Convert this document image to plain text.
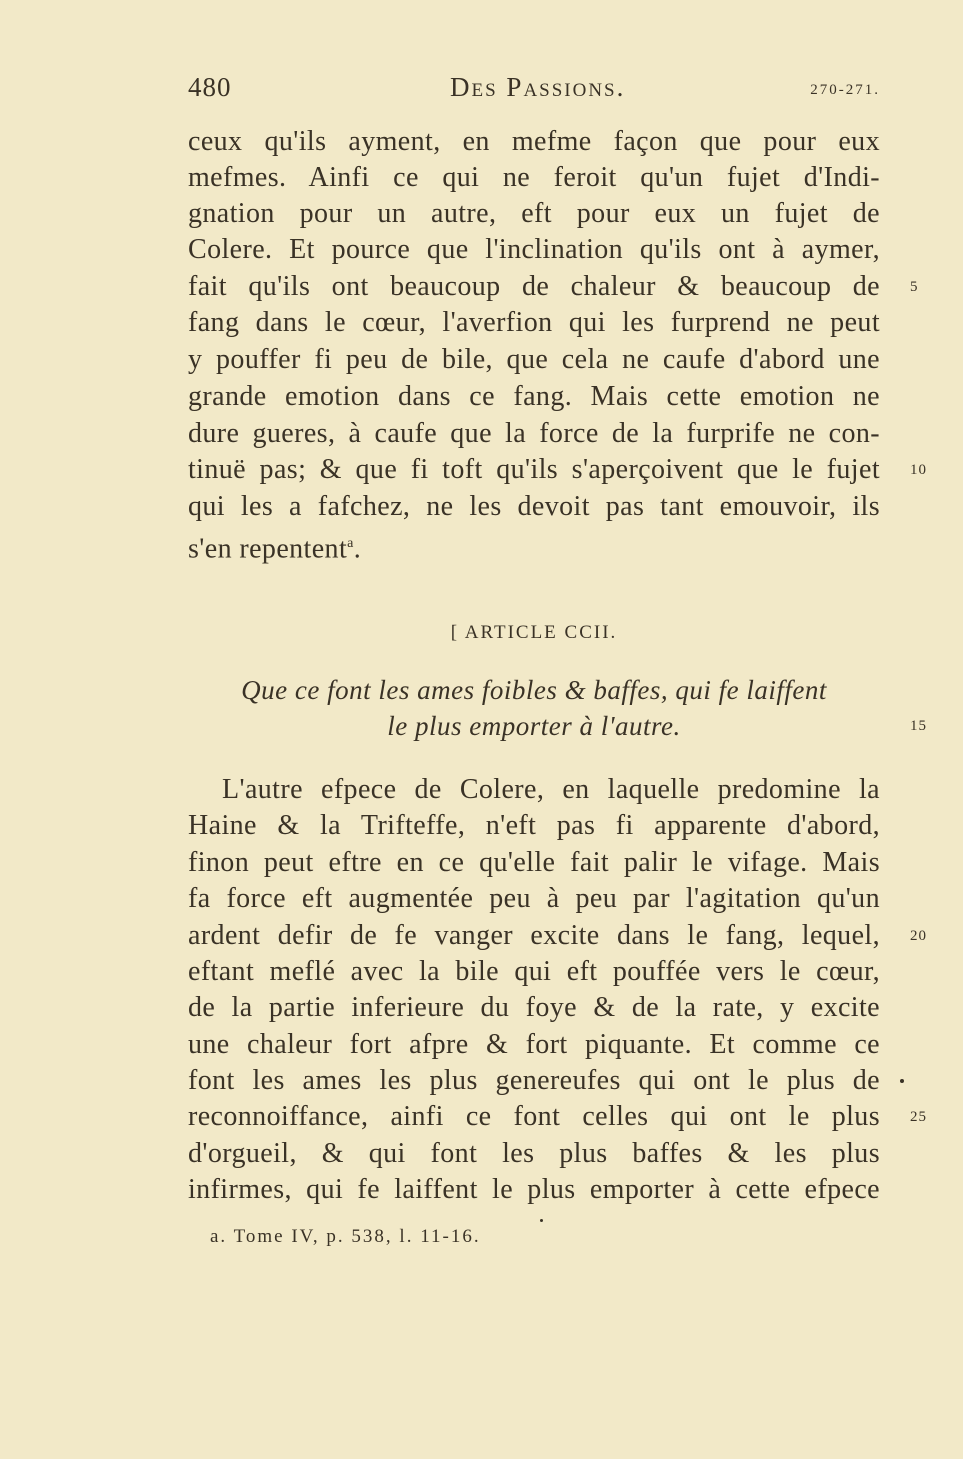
480	Des Passions.	270-271.
ceux qu'ils ayment, en mefme façon que pour eux
mefmes. Ainfi ce qui ne feroit qu'un fujet d'Indi-
gnation pour un autre, eft pour eux un fujet de
Colere. Et pource que l'inclination qu'ils ont à aymer,
fait qu'ils ont beaucoup de chaleur & beaucoup de
fang dans le cœur, l'averfion qui les furprend ne peut
y pouffer fi peu de bile, que cela ne caufe d'abord une
grande emotion dans ce fang. Mais cette emotion ne
dure gueres, à caufe que la force de la furprife ne con-
tinuë pas; & que fi toft qu'ils s'aperçoivent que le fujet
qui les a fafchez, ne les devoit pas tant emouvoir, ils
s'en repentent$^a$.
5
10
[ ARTICLE CCII.
Que ce font les ames foibles & baffes, qui fe laiffent
le plus emporter à l'autre.	15
L'autre efpece de Colere, en laquelle predomine la
Haine & la Trifteffe, n'eft pas fi apparente d'abord,
finon peut eftre en ce qu'elle fait palir le vifage. Mais
fa force eft augmentée peu à peu par l'agitation qu'un
ardent defir de fe vanger excite dans le fang, lequel,
eftant meflé avec la bile qui eft pouffée vers le cœur,
de la partie inferieure du foye & de la rate, y excite
une chaleur fort afpre & fort piquante. Et comme ce
font les ames les plus genereufes qui ont le plus de
reconnoiffance, ainfi ce font celles qui ont le plus
d'orgueil, & qui font les plus baffes & les plus
infirmes, qui fe laiffent le plus emporter à cette efpece
20
25
a. Tome IV, p. 538, l. 11-16.
